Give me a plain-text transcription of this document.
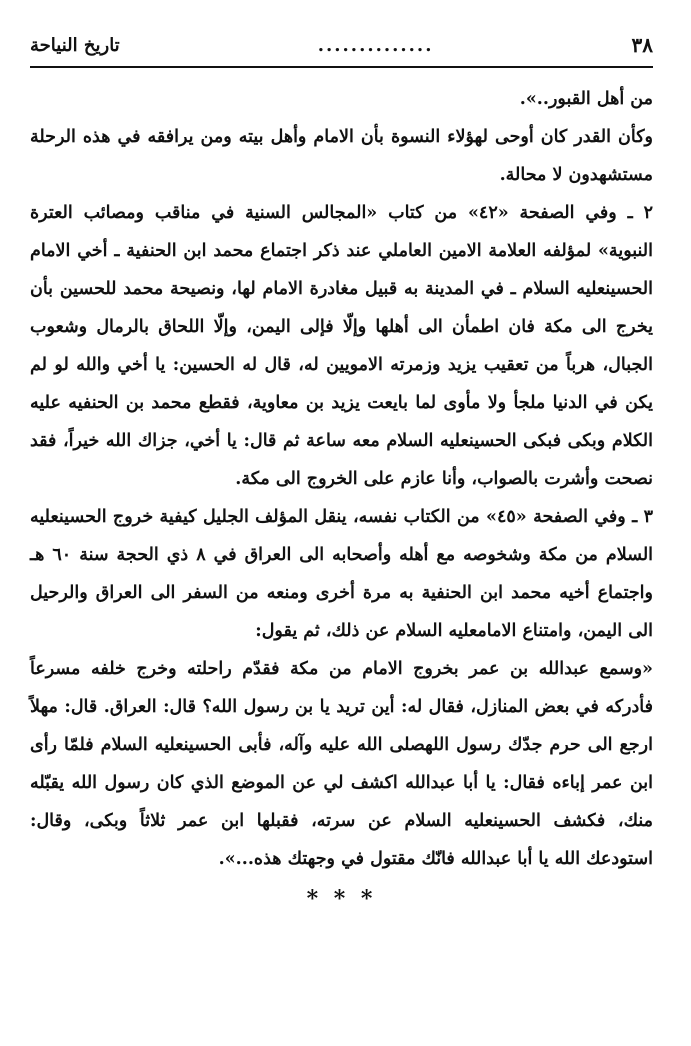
٣٨
..............
تاريخ النياحة

من أهل القبور..».

وكأن القدر كان أوحى لهؤلاء النسوة بأن الامام وأهل بيته ومن يرافقه في هذه الرحلة مستشهدون لا محالة.

٢ ـ وفي الصفحة «٤٢» من كتاب «المجالس السنية في مناقب ومصائب العترة النبوية» لمؤلفه العلامة الامين العاملي عند ذكر اجتماع محمد ابن الحنفية ـ أخي الامام الحسينعليه السلام ـ في المدينة به قبيل مغادرة الامام لها، ونصيحة محمد للحسين بأن يخرج الى مكة فان اطمأن الى أهلها وإلّا فإلى اليمن، وإلّا اللحاق بالرمال وشعوب الجبال، هرباً من تعقيب يزيد وزمرته الامويين له، قال له الحسين: يا أخي والله لو لم يكن في الدنيا ملجأ ولا مأوى لما بايعت يزيد بن معاوية، فقطع محمد بن الحنفيه عليه الكلام وبكى فبكى الحسينعليه السلام معه ساعة ثم قال: يا أخي، جزاك الله خيراً، فقد نصحت وأشرت بالصواب، وأنا عازم على الخروج الى مكة.

٣ ـ وفي الصفحة «٤٥» من الكتاب نفسه، ينقل المؤلف الجليل كيفية خروج الحسينعليه السلام من مكة وشخوصه مع أهله وأصحابه الى العراق في ٨ ذي الحجة سنة ٦٠ هـ واجتماع أخيه محمد ابن الحنفية به مرة أخرى ومنعه من السفر الى العراق والرحيل الى اليمن، وامتناع الامامعليه السلام عن ذلك، ثم يقول:

«وسمع عبدالله بن عمر بخروج الامام من مكة فقدّم راحلته وخرج خلفه مسرعاً فأدركه في بعض المنازل، فقال له: أين تريد يا بن رسول الله؟ قال: العراق. قال: مهلاً ارجع الى حرم جدّك رسول اللهصلى الله عليه وآله، فأبى الحسينعليه السلام فلمّا رأى ابن عمر إباءه فقال: يا أبا عبدالله اكشف لي عن الموضع الذي كان رسول الله يقبّله منك، فكشف الحسينعليه السلام عن سرته، فقبلها ابن عمر ثلاثاً وبكى، وقال: استودعك الله يا أبا عبدالله فانّك مقتول في وجهتك هذه...».

* * *
